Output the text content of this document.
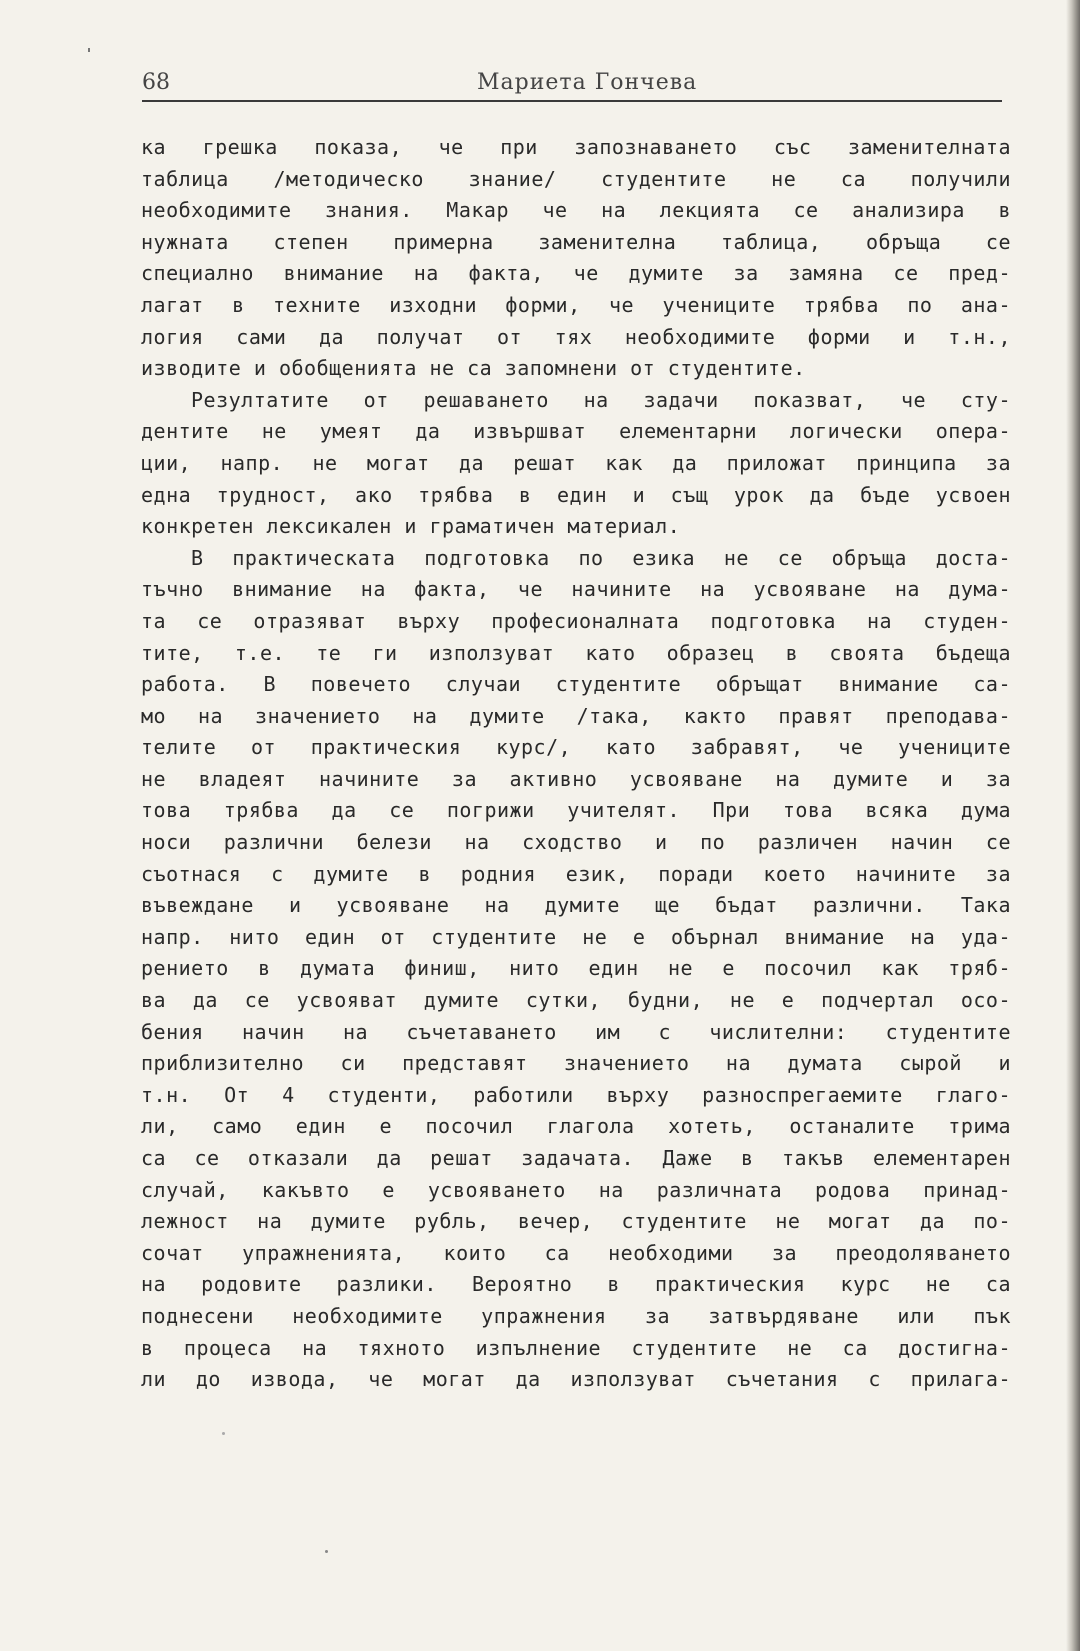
68	Мариета Гончева
ка грешка показа, че при запознаването със заменителната
таблица /методическо знание/ студентите не са получили
необходимите знания. Макар че на лекцията се анализира в
нужната степен примерна заменителна таблица, обръща се
специално внимание на факта, че думите за замяна се пред-
лагат в техните изходни форми, че учениците трябва по ана-
логия сами да получат от тях необходимите форми и т.н.,
изводите и обобщенията не са запомнени от студентите.
Резултатите от решаването на задачи показват, че сту-
дентите не умеят да извършват елементарни логически опера-
ции, напр. не могат да решат как да приложат принципа за
една трудност, ако трябва в един и същ урок да бъде усвоен
конкретен лексикален и граматичен материал.
В практическата подготовка по езика не се обръща доста-
тъчно внимание на факта, че начините на усвояване на дума-
та се отразяват върху професионалната подготовка на студен-
тите, т.е. те ги използуват като образец в своята бъдеща
работа. В повечето случаи студентите обръщат внимание са-
мо на значението на думите /така, както правят преподава-
телите от практическия курс/, като забравят, че учениците
не владеят начините за активно усвояване на думите и за
това трябва да се погрижи учителят. При това всяка дума
носи различни белези на сходство и по различен начин се
съотнася с думите в родния език, поради което начините за
въвеждане и усвояване на думите ще бъдат различни. Така
напр. нито един от студентите не е обърнал внимание на уда-
рението в думата финиш, нито един не е посочил как тряб-
ва да се усвояват думите сутки, будни, не е подчертал осо-
бения начин на съчетаването им с числителни: студентите
приблизително си представят значението на думата сырой и
т.н. От 4 студенти, работили върху разноспрегаемите глаго-
ли, само един е посочил глагола хотеть, останалите трима
са се отказали да решат задачата. Даже в такъв елементарен
случай, какъвто е усвояването на различната родова принад-
лежност на думите рубль, вечер, студентите не могат да по-
сочат упражненията, които са необходими за преодоляването
на родовите разлики. Вероятно в практическия курс не са
поднесени необходимите упражнения за затвърдяване или пък
в процеса на тяхното изпълнение студентите не са достигна-
ли до извода, че могат да използуват съчетания с прилага-
